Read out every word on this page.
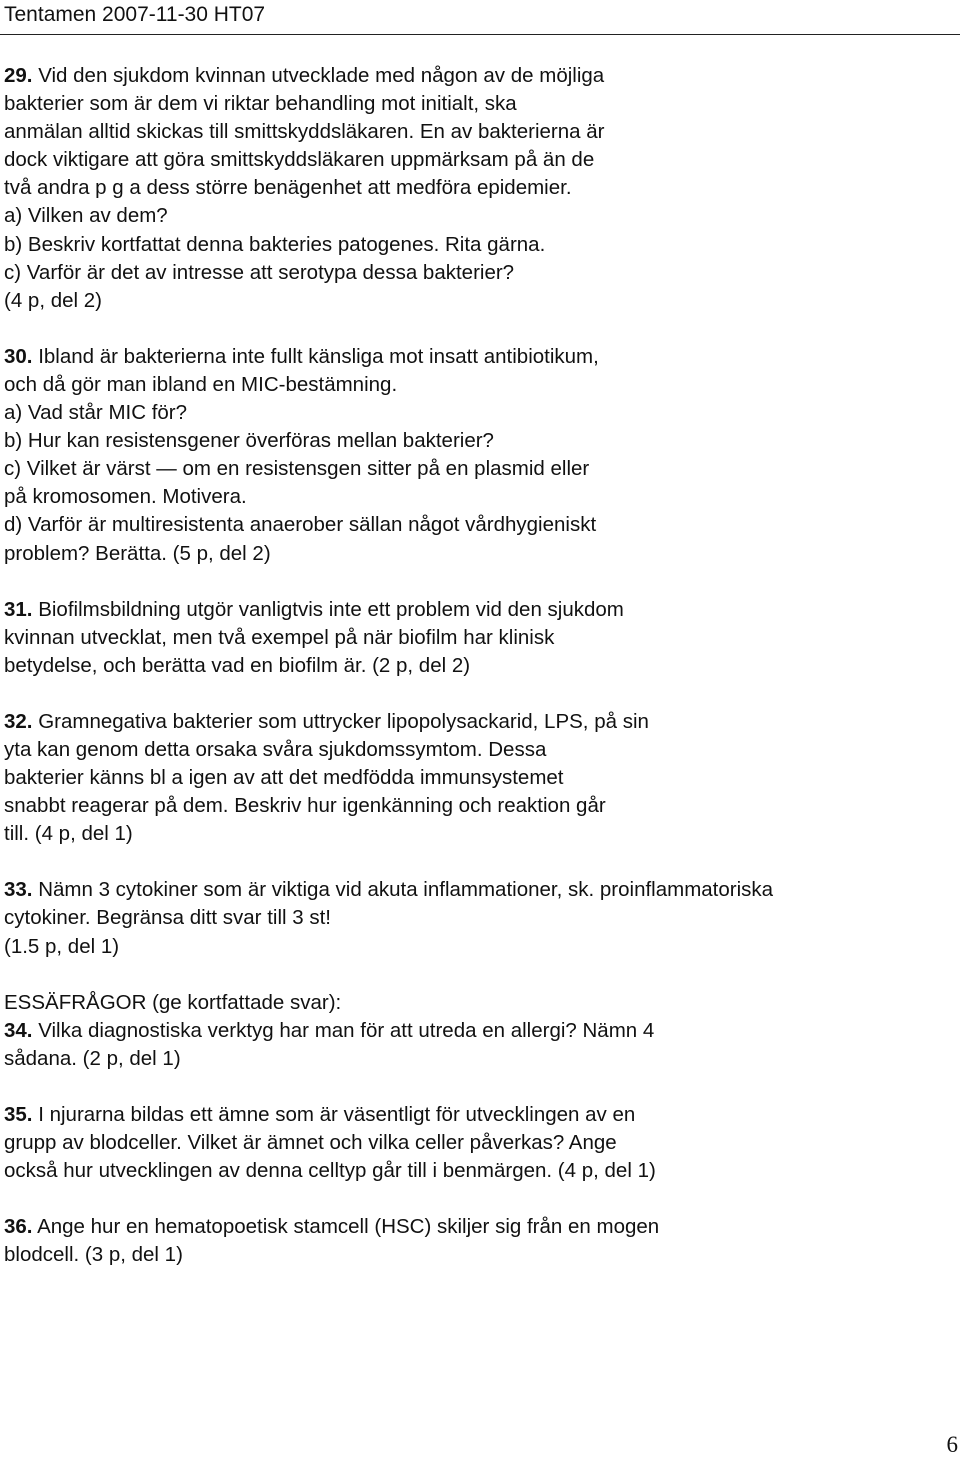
Tentamen 2007-11-30 HT07
29. Vid den sjukdom kvinnan utvecklade med någon av de möjliga
bakterier som är dem vi riktar behandling mot initialt, ska
anmälan alltid skickas till smittskyddsläkaren. En av bakterierna är
dock viktigare att göra smittskyddsläkaren uppmärksam på än de
två andra p g a dess större benägenhet att medföra epidemier.
a) Vilken av dem?
b) Beskriv kortfattat denna bakteries patogenes. Rita gärna.
c) Varför är det av intresse att serotypa dessa bakterier?
(4 p, del 2)
30. Ibland är bakterierna inte fullt känsliga mot insatt antibiotikum,
och då gör man ibland en MIC-bestämning.
a) Vad står MIC för?
b) Hur kan resistensgener överföras mellan bakterier?
c) Vilket är värst — om en resistensgen sitter på en plasmid eller
på kromosomen. Motivera.
d) Varför är multiresistenta anaerober sällan något vårdhygieniskt
problem? Berätta. (5 p, del 2)
31. Biofilmsbildning utgör vanligtvis inte ett problem vid den sjukdom
kvinnan utvecklat, men två exempel på när biofilm har klinisk
betydelse, och berätta vad en biofilm är. (2 p, del 2)
32. Gramnegativa bakterier som uttrycker lipopolysackarid, LPS, på sin
yta kan genom detta orsaka svåra sjukdomssymtom. Dessa
bakterier känns bl a igen av att det medfödda immunsystemet
snabbt reagerar på dem. Beskriv hur igenkänning och reaktion går
till. (4 p, del 1)
33. Nämn 3 cytokiner som är viktiga vid akuta inflammationer, sk. proinflammatoriska
cytokiner. Begränsa ditt svar till 3 st!
(1.5 p, del 1)
ESSÄFRÅGOR (ge kortfattade svar):
34. Vilka diagnostiska verktyg har man för att utreda en allergi? Nämn 4
sådana. (2 p, del 1)
35. I njurarna bildas ett ämne som är väsentligt för utvecklingen av en
grupp av blodceller. Vilket är ämnet och vilka celler påverkas? Ange
också hur utvecklingen av denna celltyp går till i benmärgen. (4 p, del 1)
36. Ange hur en hematopoetisk stamcell (HSC) skiljer sig från en mogen
blodcell. (3 p, del 1)
6
